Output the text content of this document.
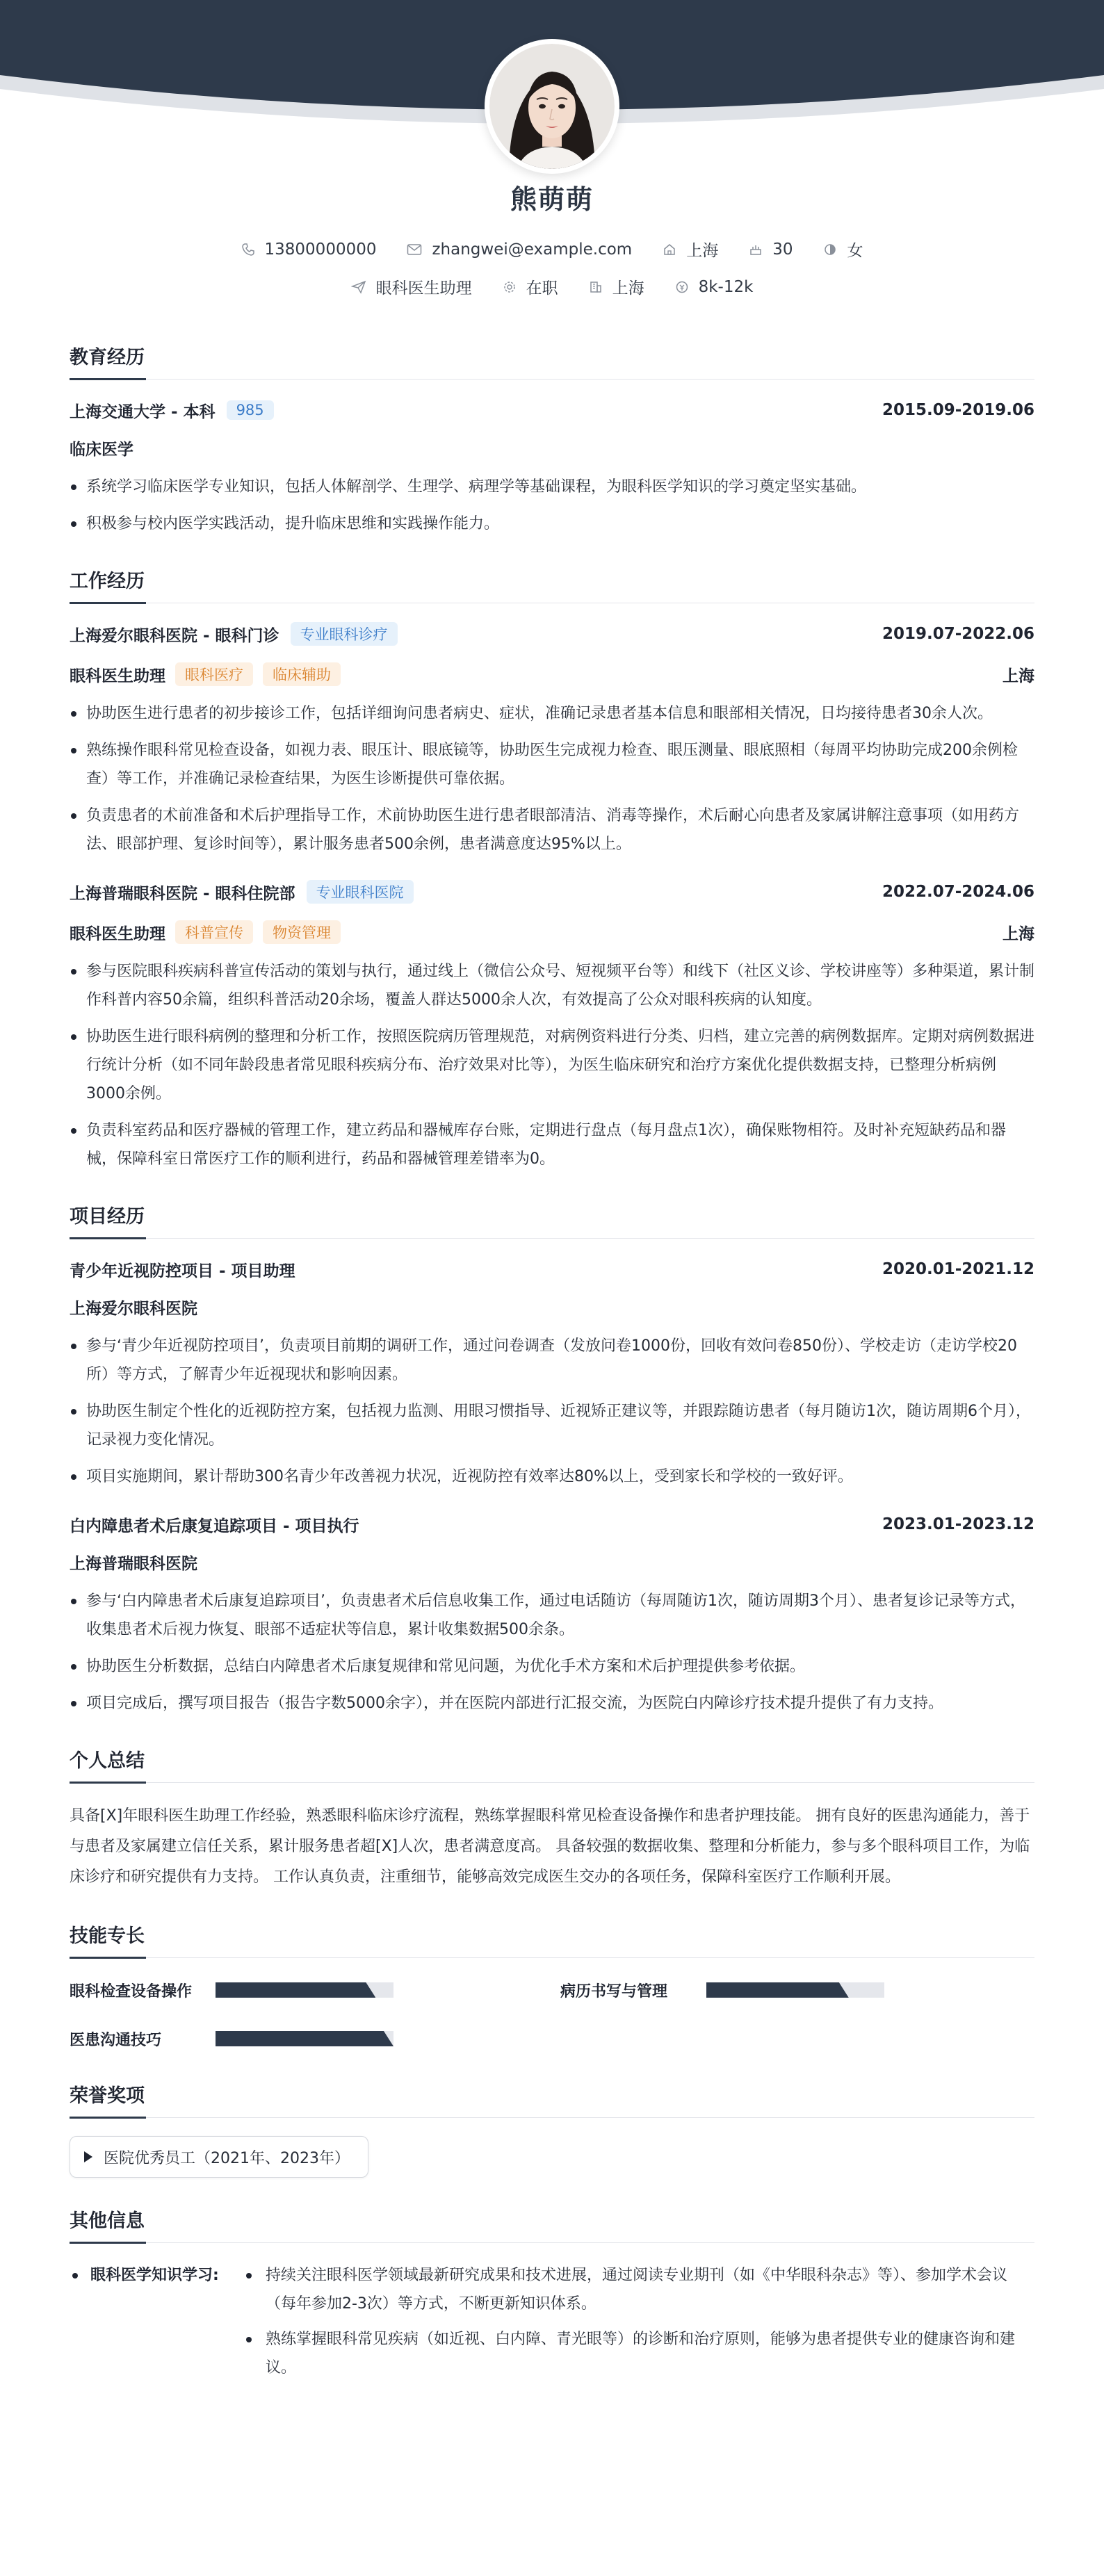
熊萌萌
13800000000	zhangwei@example.com	上海	30	女
眼科医生助理	在职	上海	8k-12k
教育经历
上海交通大学 - 本科	985	2015.09-2019.06
临床医学
系统学习临床医学专业知识，包括人体解剖学、生理学、病理学等基础课程，为眼科医学知识的学习奠定坚实基础。
积极参与校内医学实践活动，提升临床思维和实践操作能力。
工作经历
上海爱尔眼科医院 - 眼科门诊	专业眼科诊疗	2019.07-2022.06
眼科医生助理	眼科医疗	临床辅助	上海
协助医生进行患者的初步接诊工作，包括详细询问患者病史、症状，准确记录患者基本信息和眼部相关情况，日均接待患者30余人次。
熟练操作眼科常见检查设备，如视力表、眼压计、眼底镜等，协助医生完成视力检查、眼压测量、眼底照相（每周平均协助完成200余例检查）等工作，并准确记录检查结果，为医生诊断提供可靠依据。
负责患者的术前准备和术后护理指导工作，术前协助医生进行患者眼部清洁、消毒等操作，术后耐心向患者及家属讲解注意事项（如用药方法、眼部护理、复诊时间等），累计服务患者500余例，患者满意度达95%以上。
上海普瑞眼科医院 - 眼科住院部	专业眼科医院	2022.07-2024.06
眼科医生助理	科普宣传	物资管理	上海
参与医院眼科疾病科普宣传活动的策划与执行，通过线上（微信公众号、短视频平台等）和线下（社区义诊、学校讲座等）多种渠道，累计制作科普内容50余篇，组织科普活动20余场，覆盖人群达5000余人次，有效提高了公众对眼科疾病的认知度。
协助医生进行眼科病例的整理和分析工作，按照医院病历管理规范，对病例资料进行分类、归档，建立完善的病例数据库。定期对病例数据进行统计分析（如不同年龄段患者常见眼科疾病分布、治疗效果对比等），为医生临床研究和治疗方案优化提供数据支持，已整理分析病例3000余例。
负责科室药品和医疗器械的管理工作，建立药品和器械库存台账，定期进行盘点（每月盘点1次），确保账物相符。及时补充短缺药品和器械，保障科室日常医疗工作的顺利进行，药品和器械管理差错率为0。
项目经历
青少年近视防控项目 - 项目助理	2020.01-2021.12
上海爱尔眼科医院
参与‘青少年近视防控项目’，负责项目前期的调研工作，通过问卷调查（发放问卷1000份，回收有效问卷850份）、学校走访（走访学校20所）等方式，了解青少年近视现状和影响因素。
协助医生制定个性化的近视防控方案，包括视力监测、用眼习惯指导、近视矫正建议等，并跟踪随访患者（每月随访1次，随访周期6个月），记录视力变化情况。
项目实施期间，累计帮助300名青少年改善视力状况，近视防控有效率达80%以上，受到家长和学校的一致好评。
白内障患者术后康复追踪项目 - 项目执行	2023.01-2023.12
上海普瑞眼科医院
参与‘白内障患者术后康复追踪项目’，负责患者术后信息收集工作，通过电话随访（每周随访1次，随访周期3个月）、患者复诊记录等方式，收集患者术后视力恢复、眼部不适症状等信息，累计收集数据500余条。
协助医生分析数据，总结白内障患者术后康复规律和常见问题，为优化手术方案和术后护理提供参考依据。
项目完成后，撰写项目报告（报告字数5000余字），并在医院内部进行汇报交流，为医院白内障诊疗技术提升提供了有力支持。
个人总结
具备[X]年眼科医生助理工作经验，熟悉眼科临床诊疗流程，熟练掌握眼科常见检查设备操作和患者护理技能。 拥有良好的医患沟通能力，善于与患者及家属建立信任关系，累计服务患者超[X]人次，患者满意度高。 具备较强的数据收集、整理和分析能力，参与多个眼科项目工作，为临床诊疗和研究提供有力支持。 工作认真负责，注重细节，能够高效完成医生交办的各项任务，保障科室医疗工作顺利开展。
技能专长
眼科检查设备操作	病历书写与管理
医患沟通技巧
荣誉奖项
医院优秀员工（2021年、2023年）
其他信息
眼科医学知识学习:	持续关注眼科医学领域最新研究成果和技术进展，通过阅读专业期刊（如《中华眼科杂志》等）、参加学术会议（每年参加2-3次）等方式，不断更新知识体系。
熟练掌握眼科常见疾病（如近视、白内障、青光眼等）的诊断和治疗原则，能够为患者提供专业的健康咨询和建议。
